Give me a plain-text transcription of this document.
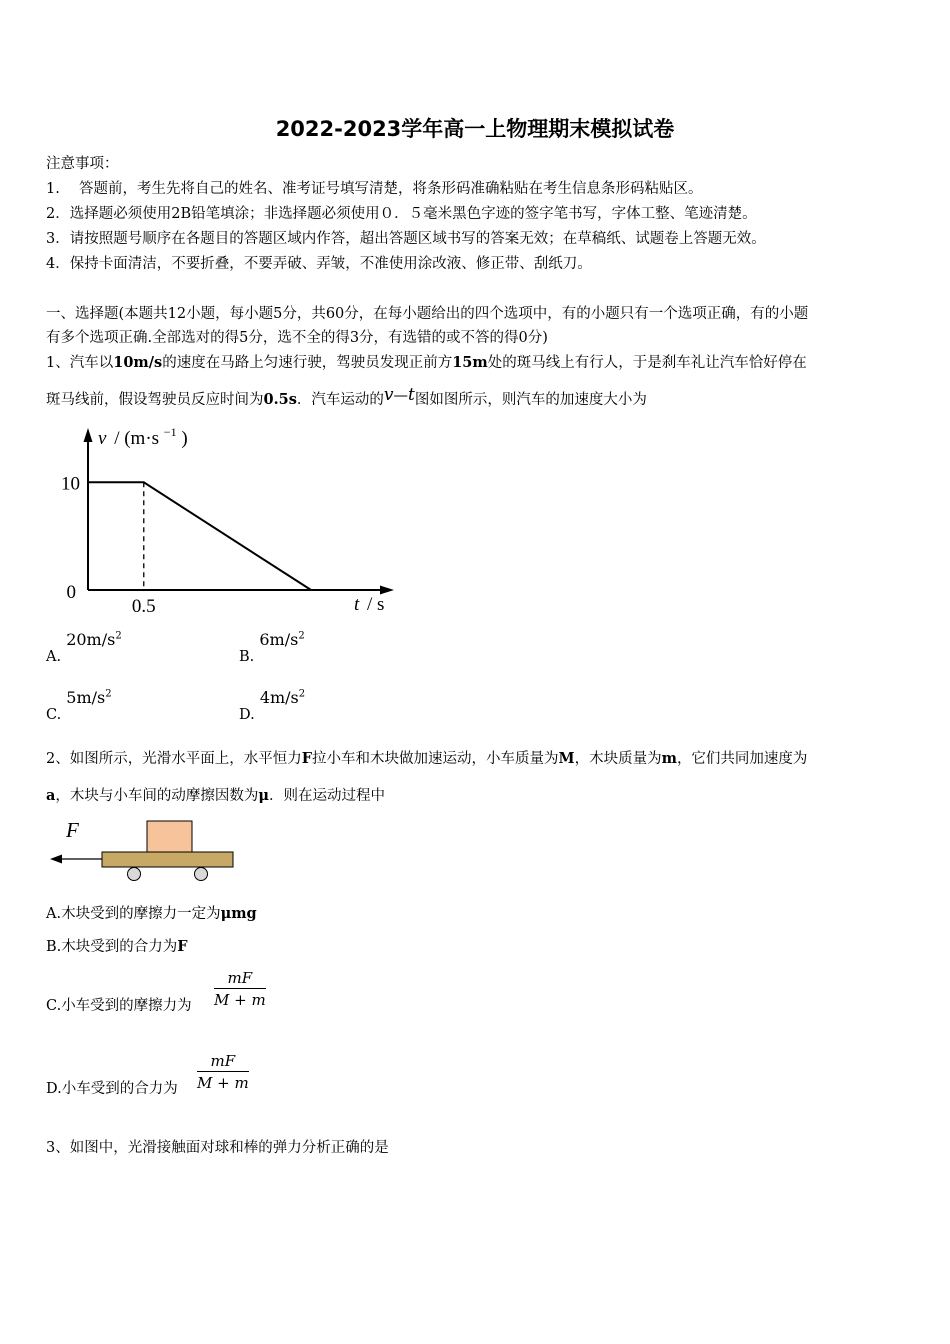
2022-2023学年高一上物理期末模拟试卷
注意事项：
1.　 答题前，考生先将自己的姓名、准考证号填写清楚，将条形码准确粘贴在考生信息条形码粘贴区。
2．选择题必须使用2B铅笔填涂；非选择题必须使用０．５毫米黑色字迹的签字笔书写，字体工整、笔迹清楚。
3．请按照题号顺序在各题目的答题区域内作答，超出答题区域书写的答案无效；在草稿纸、试题卷上答题无效。
4．保持卡面清洁，不要折叠，不要弄破、弄皱，不准使用涂改液、修正带、刮纸刀。
一、选择题(本题共12小题，每小题5分，共60分，在每小题给出的四个选项中，有的小题只有一个选项正确，有的小题
有多个选项正确.全部选对的得5分，选不全的得3分，有选错的或不答的得0分)
1、汽车以10m/s的速度在马路上匀速行驶，驾驶员发现正前方15m处的斑马线上有行人，于是刹车礼让汽车恰好停在
斑马线前，假设驾驶员反应时间为0.5s．汽车运动的v—t图如图所示，则汽车的加速度大小为
v / (m·s $^{-1}$ )
10
0
0.5	t / s
A. $20m/s^2$
B. $6m/s^2$
C. $5m/s^2$
D. $4m/s^2$
2、如图所示，光滑水平面上，水平恒力F拉小车和木块做加速运动，小车质量为M，木块质量为m，它们共同加速度为
a，木块与小车间的动摩擦因数为μ．则在运动过程中
F
A.木块受到的摩擦力一定为μmg
B.木块受到的合力为F
C.小车受到的摩擦力为 $\frac{mF}{M + m}$
D.小车受到的合力为 $\frac{mF}{M + m}$
3、如图中，光滑接触面对球和棒的弹力分析正确的是
